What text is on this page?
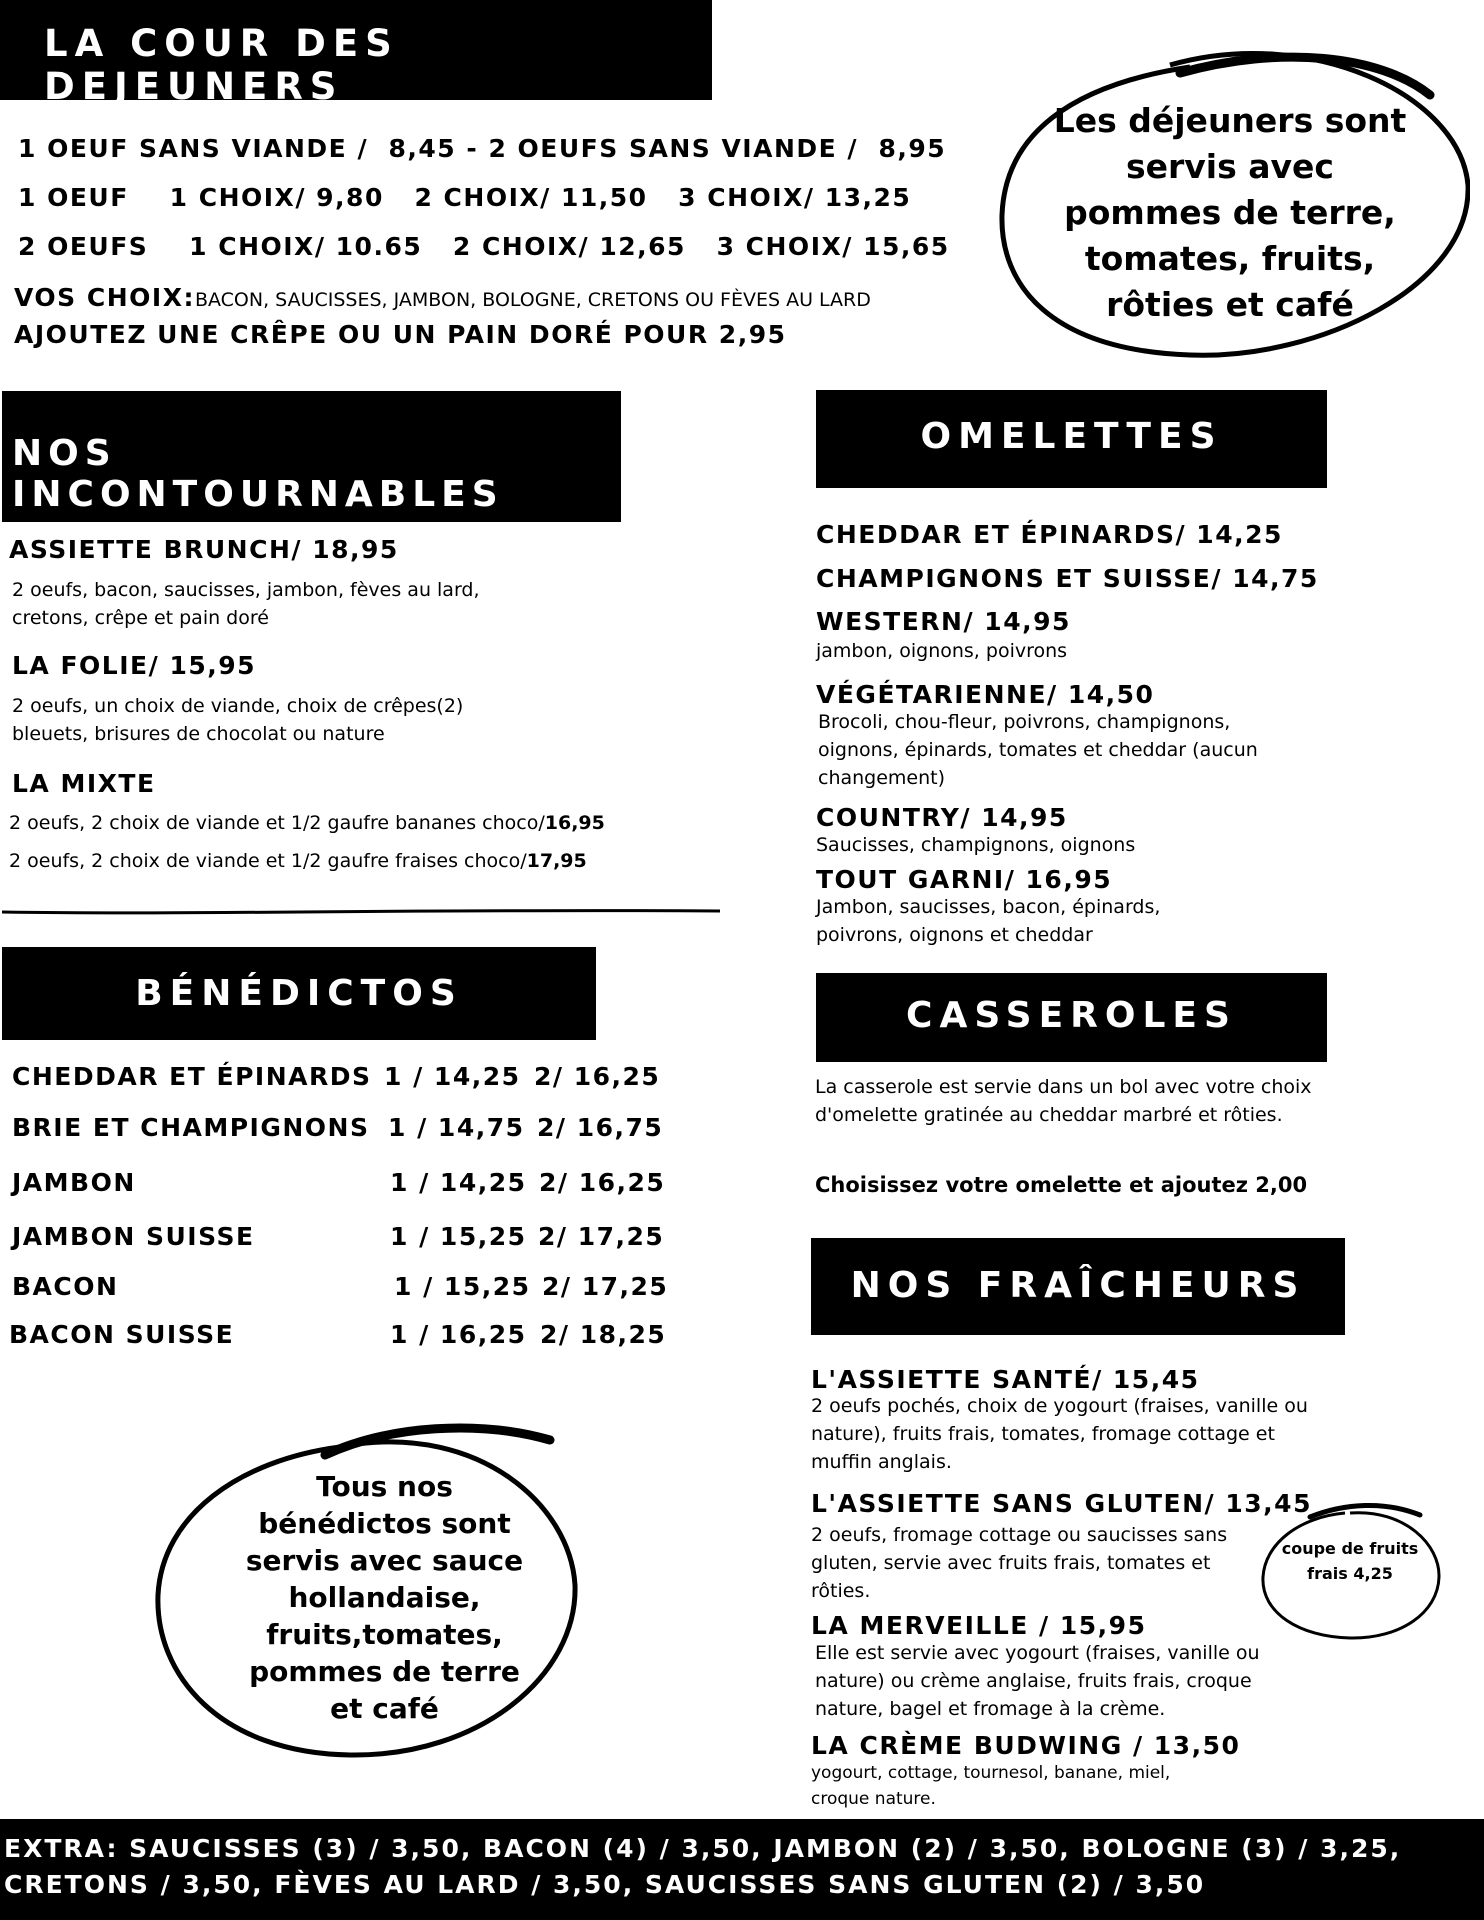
LA COUR DES DEJEUNERS
1 OEUF SANS VIANDE /  8,45 - 2 OEUFS SANS VIANDE /  8,95
1 OEUF    1 CHOIX/ 9,80   2 CHOIX/ 11,50   3 CHOIX/ 13,25
2 OEUFS    1 CHOIX/ 10.65   2 CHOIX/ 12,65   3 CHOIX/ 15,65
VOS CHOIX:BACON, SAUCISSES, JAMBON, BOLOGNE, CRETONS OU FÈVES AU LARD
AJOUTEZ UNE CRÊPE OU UN PAIN DORÉ POUR 2,95
Les déjeuners sont servis avec pommes de terre, tomates, fruits, rôties et café
NOS INCONTOURNABLES
ASSIETTE BRUNCH/ 18,95
2 oeufs, bacon, saucisses, jambon, fèves au lard, cretons, crêpe et pain doré
LA FOLIE/ 15,95
2 oeufs, un choix de viande, choix de crêpes(2) bleuets, brisures de chocolat ou nature
LA MIXTE
2 oeufs, 2 choix de viande et 1/2 gaufre bananes choco/16,95
2 oeufs, 2 choix de viande et 1/2 gaufre fraises choco/17,95
BÉNÉDICTOS
CHEDDAR ET ÉPINARDS 1 / 14,25 2/ 16,25
BRIE ET CHAMPIGNONS 1 / 14,75 2/ 16,75
JAMBON	1 / 14,25 2/ 16,25
JAMBON SUISSE	1 / 15,25 2/ 17,25
BACON	1 / 15,25 2/ 17,25
BACON SUISSE	1 / 16,25 2/ 18,25
Tous nos bénédictos sont servis avec sauce hollandaise, fruits,tomates, pommes de terre et café
OMELETTES
CHEDDAR ET ÉPINARDS/ 14,25
CHAMPIGNONS ET SUISSE/ 14,75
WESTERN/ 14,95
jambon, oignons, poivrons
VÉGÉTARIENNE/ 14,50
Brocoli, chou-fleur, poivrons, champignons, oignons, épinards, tomates et cheddar (aucun changement)
COUNTRY/ 14,95
Saucisses, champignons, oignons
TOUT GARNI/ 16,95
Jambon, saucisses, bacon, épinards, poivrons, oignons et cheddar
CASSEROLES
La casserole est servie dans un bol avec votre choix d'omelette gratinée au cheddar marbré et rôties.
Choisissez votre omelette et ajoutez 2,00
NOS FRAÎCHEURS
L'ASSIETTE SANTÉ/ 15,45
2 oeufs pochés, choix de yogourt (fraises, vanille ou nature), fruits frais, tomates, fromage cottage et muffin anglais.
L'ASSIETTE SANS GLUTEN/ 13,45
2 oeufs, fromage cottage ou saucisses sans gluten, servie avec fruits frais, tomates et rôties.
LA MERVEILLE / 15,95
Elle est servie avec yogourt (fraises, vanille ou nature) ou crème anglaise, fruits frais, croque nature, bagel et fromage à la crème.
LA CRÈME BUDWING / 13,50
yogourt, cottage, tournesol, banane, miel, croque nature.
coupe de fruits frais 4,25
EXTRA: SAUCISSES (3) / 3,50, BACON (4) / 3,50, JAMBON (2) / 3,50, BOLOGNE (3) / 3,25,
CRETONS / 3,50, FÈVES AU LARD / 3,50, SAUCISSES SANS GLUTEN (2) / 3,50
